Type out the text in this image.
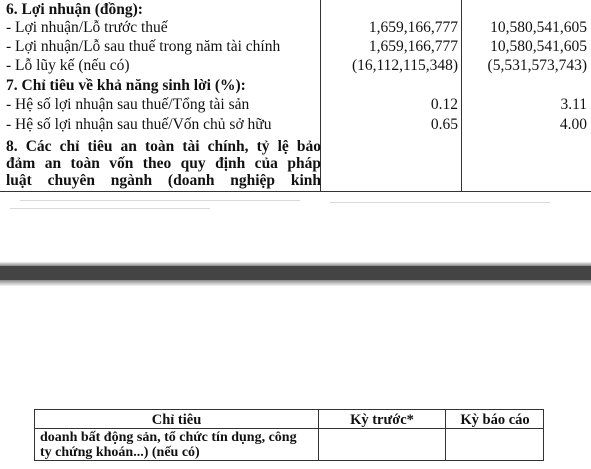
6. Lợi nhuận (đồng):
- Lợi nhuận/Lỗ trước thuế	1,659,166,777 10,580,541,605
- Lợi nhuận/Lỗ sau thuế trong năm tài chính	1,659,166,777 10,580,541,605
- Lỗ lũy kế (nếu có)	(16,112,115,348) (5,531,573,743)
7. Chỉ tiêu về khả năng sinh lời (%):
- Hệ số lợi nhuận sau thuế/Tổng tài sản	0.12	3.11
- Hệ số lợi nhuận sau thuế/Vốn chủ sở hữu	0.65	4.00
8. Các chỉ tiêu an toàn tài chính, tỷ lệ bảo
đảm an toàn vốn theo quy định của pháp
luật chuyên ngành (doanh nghiệp kinh
Chỉ tiêu	Kỳ trước*	Kỳ báo cáo
doanh bất động sản, tổ chức tín dụng, công
ty chứng khoán...) (nếu có)
